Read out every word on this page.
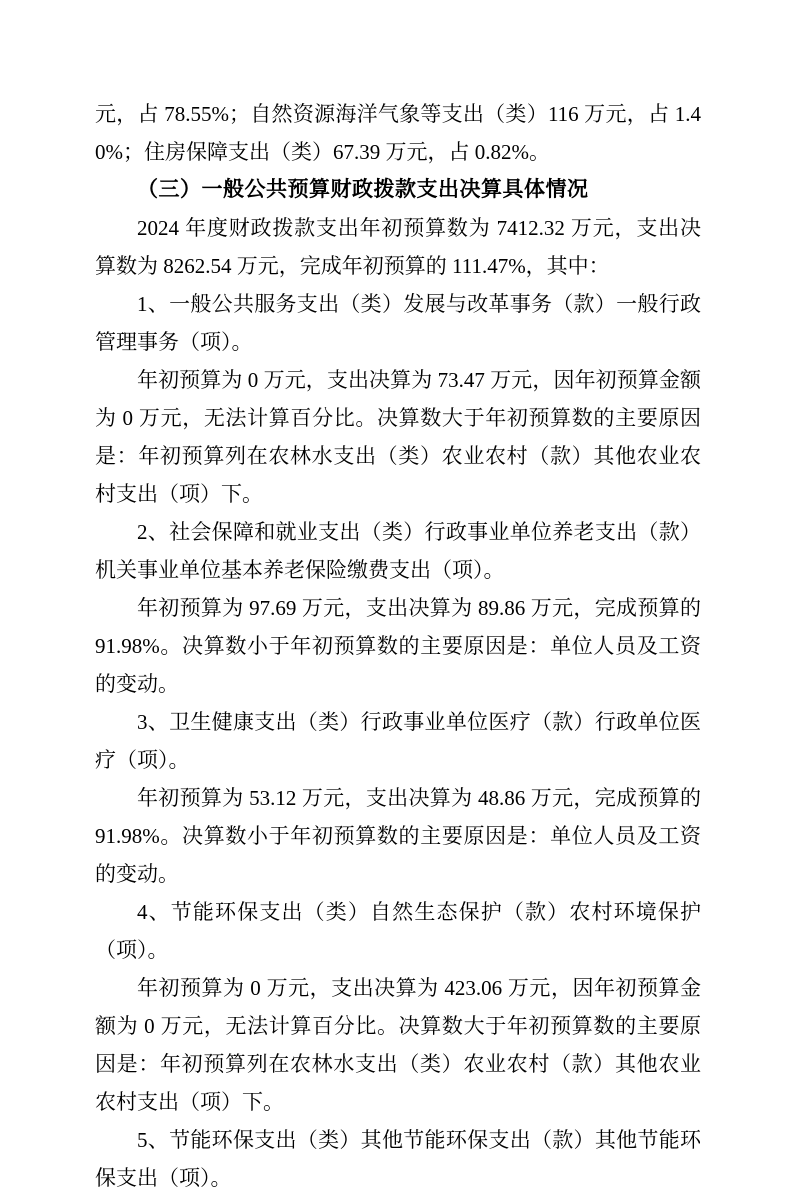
元，占 78.55%；自然资源海洋气象等支出（类）116 万元，占 1.40%；住房保障支出（类）67.39 万元，占 0.82%。

（三）一般公共预算财政拨款支出决算具体情况

2024 年度财政拨款支出年初预算数为 7412.32 万元，支出决算数为 8262.54 万元，完成年初预算的 111.47%，其中：

1、一般公共服务支出（类）发展与改革事务（款）一般行政管理事务（项）。

年初预算为 0 万元，支出决算为 73.47 万元，因年初预算金额为 0 万元，无法计算百分比。决算数大于年初预算数的主要原因是：年初预算列在农林水支出（类）农业农村（款）其他农业农村支出（项）下。

2、社会保障和就业支出（类）行政事业单位养老支出（款）机关事业单位基本养老保险缴费支出（项）。

年初预算为 97.69 万元，支出决算为 89.86 万元，完成预算的 91.98%。决算数小于年初预算数的主要原因是：单位人员及工资的变动。

3、卫生健康支出（类）行政事业单位医疗（款）行政单位医疗（项）。

年初预算为 53.12 万元，支出决算为 48.86 万元，完成预算的 91.98%。决算数小于年初预算数的主要原因是：单位人员及工资的变动。

4、节能环保支出（类）自然生态保护（款）农村环境保护（项）。

年初预算为 0 万元，支出决算为 423.06 万元，因年初预算金额为 0 万元，无法计算百分比。决算数大于年初预算数的主要原因是：年初预算列在农林水支出（类）农业农村（款）其他农业农村支出（项）下。

5、节能环保支出（类）其他节能环保支出（款）其他节能环保支出（项）。
